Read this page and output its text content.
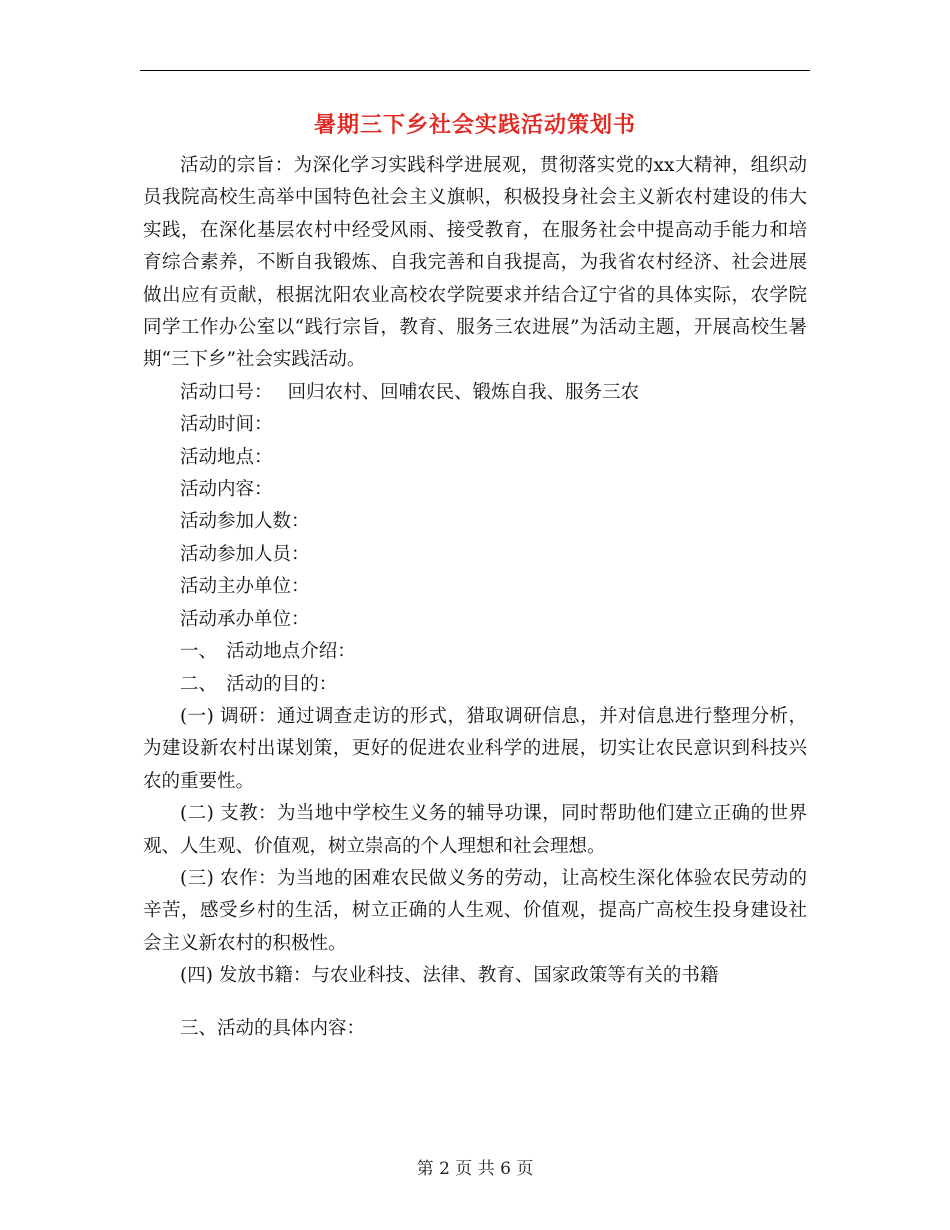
暑期三下乡社会实践活动策划书

活动的宗旨：为深化学习实践科学进展观，贯彻落实党的xx大精神，组织动员我院高校生高举中国特色社会主义旗帜，积极投身社会主义新农村建设的伟大实践，在深化基层农村中经受风雨、接受教育，在服务社会中提高动手能力和培育综合素养，不断自我锻炼、自我完善和自我提高，为我省农村经济、社会进展做出应有贡献，根据沈阳农业高校农学院要求并结合辽宁省的具体实际，农学院同学工作办公室以“践行宗旨，教育、服务三农进展”为活动主题，开展高校生暑期“三下乡”社会实践活动。

活动口号：　 回归农村、回哺农民、锻炼自我、服务三农

活动时间：

活动地点：

活动内容：

活动参加人数：

活动参加人员：

活动主办单位：

活动承办单位：

一、　活动地点介绍：

二、　活动的目的：

(一) 调研：通过调查走访的形式，猎取调研信息，并对信息进行整理分析，为建设新农村出谋划策，更好的促进农业科学的进展，切实让农民意识到科技兴农的重要性。

(二) 支教：为当地中学校生义务的辅导功课，同时帮助他们建立正确的世界观、人生观、价值观，树立崇高的个人理想和社会理想。

(三) 农作：为当地的困难农民做义务的劳动，让高校生深化体验农民劳动的辛苦，感受乡村的生活，树立正确的人生观、价值观，提高广高校生投身建设社会主义新农村的积极性。

(四) 发放书籍：与农业科技、法律、教育、国家政策等有关的书籍

三、活动的具体内容：

第 2 页 共 6 页
